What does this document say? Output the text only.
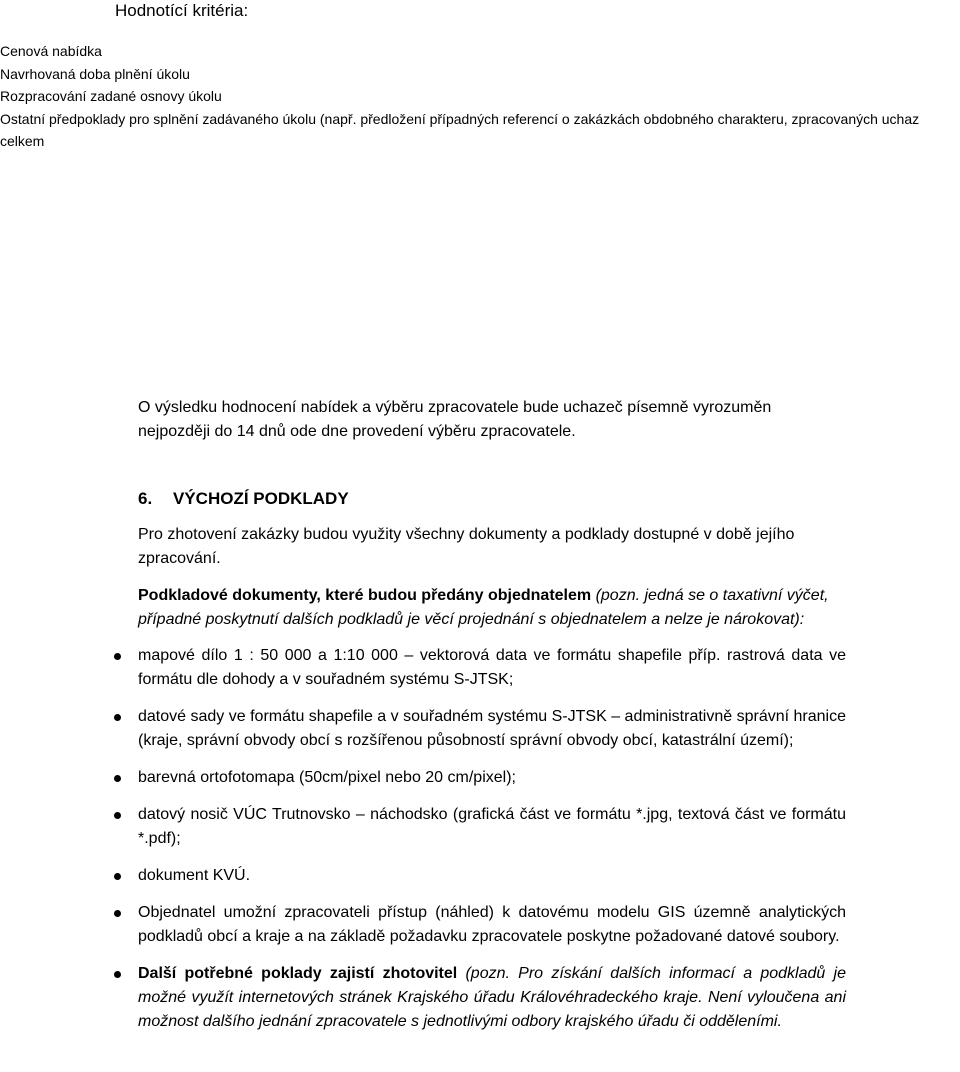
Hodnotící kritéria:
Cenová nabídka
Navrhovaná doba plnění úkolu
Rozpracování zadané osnovy úkolu
Ostatní předpoklady pro splnění zadávaného úkolu (např. předložení případných referencí o zakázkách obdobného charakteru, zpracovaných uchaz
celkem

O výsledku hodnocení nabídek a výběru zpracovatele bude uchazeč písemně vyrozuměn nejpozději do 14 dnů ode dne provedení výběru zpracovatele.

6.	VÝCHOZÍ PODKLADY

Pro zhotovení zakázky budou využity všechny dokumenty a podklady dostupné v době jejího zpracování.

Podkladové dokumenty, které budou předány objednatelem (pozn. jedná se o taxativní výčet, případné poskytnutí dalších podkladů je věcí projednání s objednatelem a nelze je nárokovat):

mapové dílo 1 : 50 000 a 1:10 000 – vektorová data ve formátu shapefile příp. rastrová data ve formátu dle dohody a v souřadném systému S-JTSK;
datové sady ve formátu shapefile a v souřadném systému S-JTSK – administrativně správní hranice (kraje, správní obvody obcí s rozšířenou působností správní obvody obcí, katastrální území);
barevná ortofotomapa (50cm/pixel nebo 20 cm/pixel);
datový nosič VÚC Trutnovsko – náchodsko (grafická část ve formátu *.jpg, textová část ve formátu *.pdf);
dokument KVÚ.
Objednatel umožní zpracovateli přístup (náhled) k datovému modelu GIS územně analytických podkladů obcí a kraje a na základě požadavku zpracovatele poskytne požadované datové soubory.
Další potřebné poklady zajistí zhotovitel (pozn. Pro získání dalších informací a podkladů je možné využít internetových stránek Krajského úřadu Královéhradeckého kraje. Není vyloučena ani možnost dalšího jednání zpracovatele s jednotlivými odbory krajského úřadu či odděleními.
